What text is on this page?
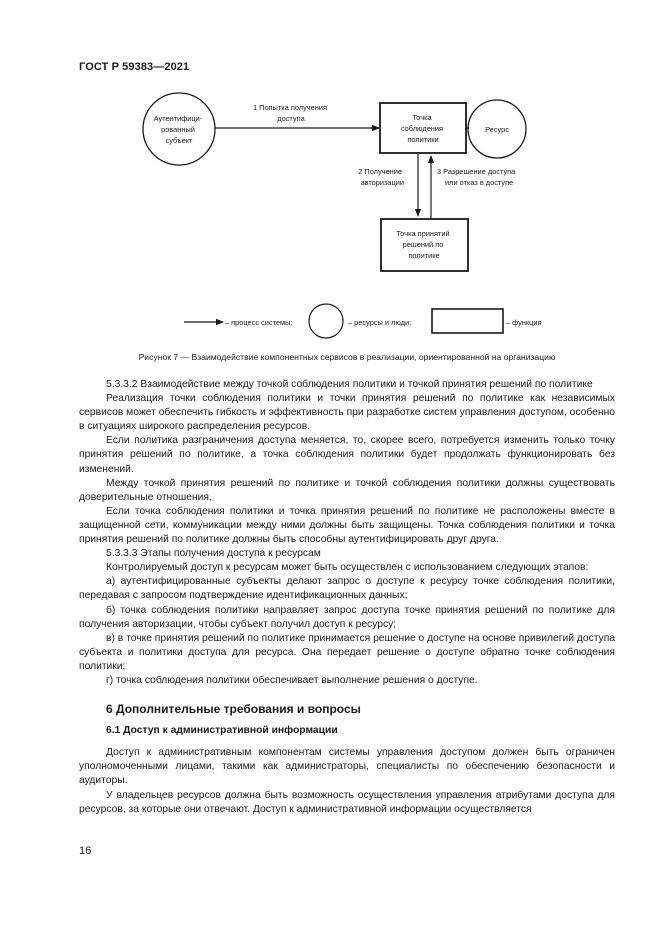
ГОСТ Р 59383—2021
Аутентифици- рованный субъект
1 Попытка получения доступа	Точка соблюдения политики
Ресурс
2 Получение авторизации
3 Разрешение доступа или отказ в доступе
Точка принятий решений по политике
– процесс системы;	– ресурсы и люди;	– функция
Рисунок 7 — Взаимодействие компонентных сервисов в реализации, ориентированной на организацию

5.3.3.2 Взаимодействие между точкой соблюдения политики и точкой принятия решений по политике

Реализация точки соблюдения политики и точки принятия решений по политике как независимых сервисов может обеспечить гибкость и эффективность при разработке систем управления доступом, особенно в ситуациях широкого распределения ресурсов.

Если политика разграничения доступа меняется, то, скорее всего, потребуется изменить только точку принятия решений по политике, а точка соблюдения политики будет продолжать функционировать без изменений.

Между точкой принятия решений по политике и точкой соблюдения политики должны существовать доверительные отношения.

Если точка соблюдения политики и точка принятия решений по политике не расположены вместе в защищенной сети, коммуникации между ними должны быть защищены. Точка соблюдения политики и точка принятия решений по политике должны быть способны аутентифицировать друг друга.

5.3.3.3 Этапы получения доступа к ресурсам

Контролируемый доступ к ресурсам может быть осуществлен с использованием следующих этапов:

а) аутентифицированные субъекты делают запрос о доступе к ресурсу точке соблюдения политики, передавая с запросом подтверждение идентификационных данных;

б) точка соблюдения политики направляет запрос доступа точке принятия решений по политике для получения авторизации, чтобы субъект получил доступ к ресурсу;

в) в точке принятия решений по политике принимается решение о доступе на основе привилегий доступа субъекта и политики доступа для ресурса. Она передает решение о доступе обратно точке соблюдения политики;

г) точка соблюдения политики обеспечивает выполнение решения о доступе.

6 Дополнительные требования и вопросы
6.1 Доступ к административной информации

Доступ к административным компонентам системы управления доступом должен быть ограничен уполномоченными лицами, такими как администраторы, специалисты по обеспечению безопасности и аудиторы.

У владельцев ресурсов должна быть возможность осуществления управления атрибутами доступа для ресурсов, за которые они отвечают. Доступ к административной информации осуществляется

16
